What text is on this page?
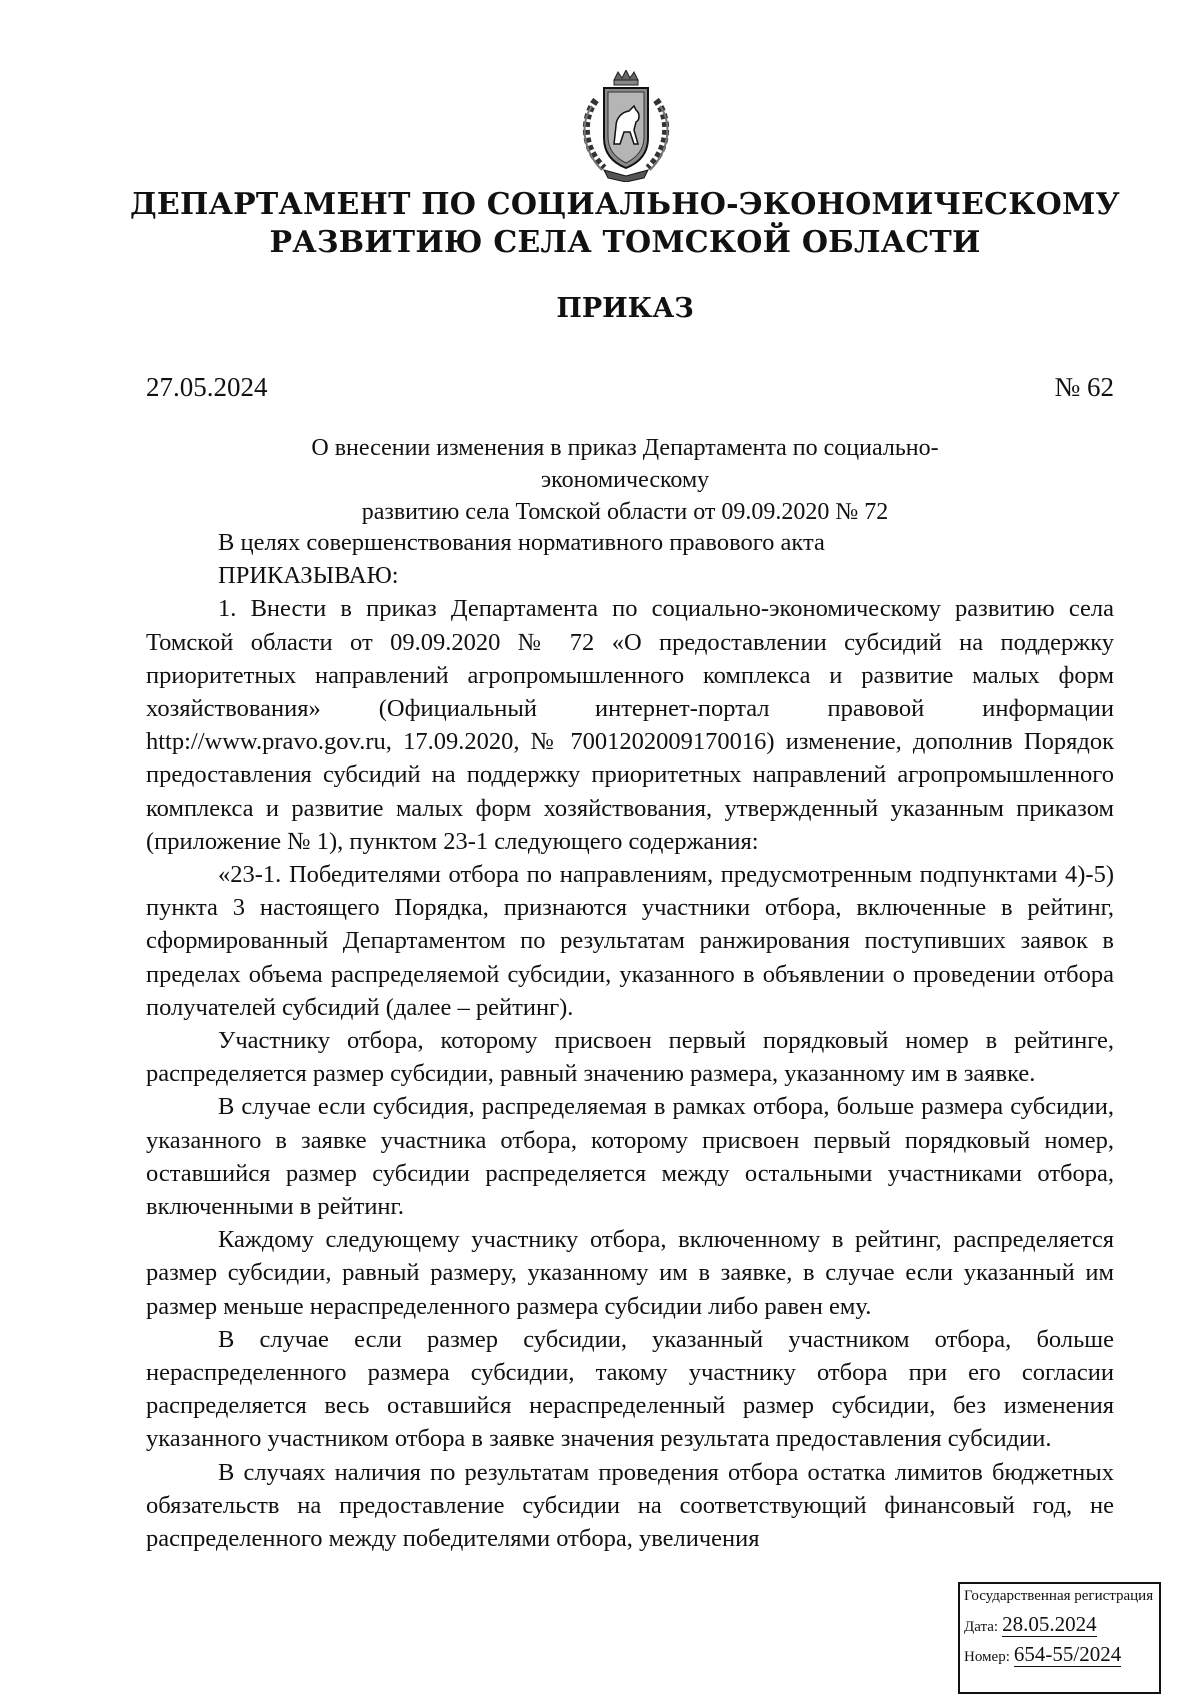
ДЕПАРТАМЕНТ ПО СОЦИАЛЬНО-ЭКОНОМИЧЕСКОМУ
РАЗВИТИЮ СЕЛА ТОМСКОЙ ОБЛАСТИ
ПРИКАЗ
27.05.2024	№ 62
О внесении изменения в приказ Департамента по социально-экономическому
развитию села Томской области от 09.09.2020 № 72

В целях совершенствования нормативного правового акта

ПРИКАЗЫВАЮ:

1. Внести в приказ Департамента по социально-экономическому развитию села Томской области от 09.09.2020 № 72 «О предоставлении субсидий на поддержку приоритетных направлений агропромышленного комплекса и развитие малых форм хозяйствования» (Официальный интернет-портал правовой информации http://www.pravo.gov.ru, 17.09.2020, № 7001202009170016) изменение, дополнив Порядок предоставления субсидий на поддержку приоритетных направлений агропромышленного комплекса и развитие малых форм хозяйствования, утвержденный указанным приказом (приложение № 1), пунктом 23-1 следующего содержания:

«23-1. Победителями отбора по направлениям, предусмотренным подпунктами 4)-5) пункта 3 настоящего Порядка, признаются участники отбора, включенные в рейтинг, сформированный Департаментом по результатам ранжирования поступивших заявок в пределах объема распределяемой субсидии, указанного в объявлении о проведении отбора получателей субсидий (далее – рейтинг).

Участнику отбора, которому присвоен первый порядковый номер в рейтинге, распределяется размер субсидии, равный значению размера, указанному им в заявке.

В случае если субсидия, распределяемая в рамках отбора, больше размера субсидии, указанного в заявке участника отбора, которому присвоен первый порядковый номер, оставшийся размер субсидии распределяется между остальными участниками отбора, включенными в рейтинг.

Каждому следующему участнику отбора, включенному в рейтинг, распределяется размер субсидии, равный размеру, указанному им в заявке, в случае если указанный им размер меньше нераспределенного размера субсидии либо равен ему.

В случае если размер субсидии, указанный участником отбора, больше нераспределенного размера субсидии, такому участнику отбора при его согласии распределяется весь оставшийся нераспределенный размер субсидии, без изменения указанного участником отбора в заявке значения результата предоставления субсидии.

В случаях наличия по результатам проведения отбора остатка лимитов бюджетных обязательств на предоставление субсидии на соответствующий финансовый год, не распределенного между победителями отбора, увеличения

Государственная регистрация
Дата: 28.05.2024
Номер: 654-55/2024
